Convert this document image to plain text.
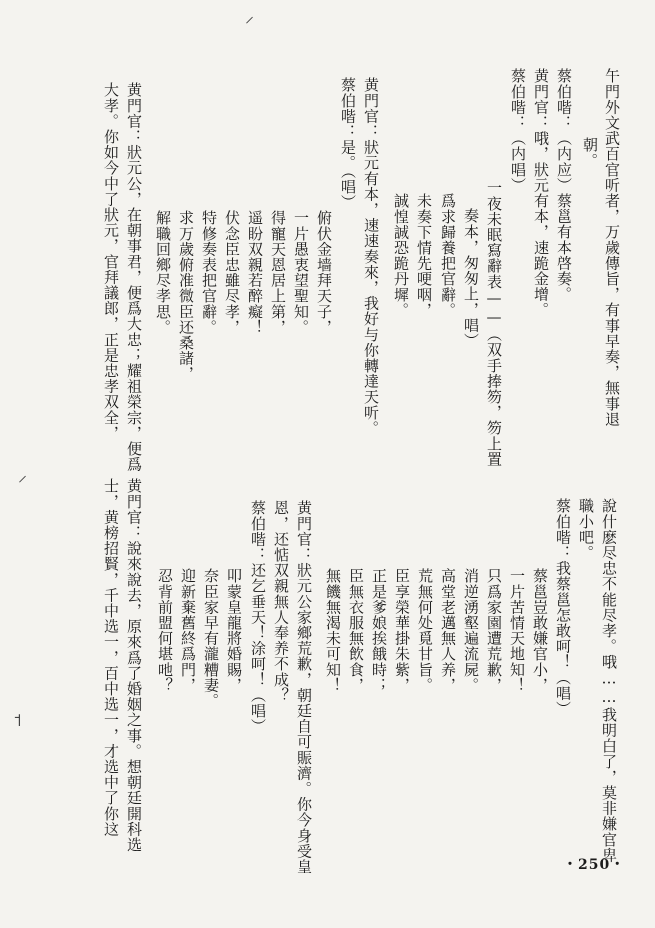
⸝
⸝
˦
午門外文武百官听者，万歲傳旨，有事早奏，無事退
朝。
蔡伯喈：（内应）蔡邕有本啓奏。
黄門官：哦，狀元有本，速跪金增。
蔡伯喈：（内唱）
一夜未眠寫辭表——（双手捧笏，笏上置
奏本，匆匆上，唱）
爲求歸養把官辭。
未奏下情先哽咽，
誠惶誠恐跪丹墀。
黄門官：狀元有本，速速奏來，我好与你轉達天听。
蔡伯喈：是。（唱）
俯伏金墙拜天子，
一片愚衷望聖知。
得寵天恩居上第，
遥盼双親若醉癡！
伏念臣忠雖尽孝，
特修奏表把官辭。
求万歲俯准微臣还桑諸，
解職回鄉尽孝思。
黄門官：狀元公，在朝事君，便爲大忠；耀祖榮宗，便爲
大孝。你如今中了狀元，官拜議郎，正是忠孝双全，
說什麽尽忠不能尽孝。哦……我明白了，莫非嫌官卑
職小吧。
蔡伯喈：我蔡邕怎敢呵！（唱）
蔡邕豈敢嫌官小，
一片苦情天地知！
只爲家園遭荒歉，
消逆湧壑遍流屍。
高堂老邁無人养，
荒無何处覓甘旨。
臣享榮華掛朱紫，
正是爹娘挨餓時；
臣無衣服無飲食，
無饑無渴未可知！
黄門官：狀元公家鄉荒歉，朝廷自可賑濟。你今身受皇
恩，还惦双親無人奉养不成？
蔡伯喈：还乞垂天！涂呵！（唱）
叩蒙皇龍將婚賜，
奈臣家早有瀧糟妻。
迎新棄舊終爲門，
忍背前盟何堪吔？
黄門官：說來說去，原來爲了婚姻之事。想朝廷開科选
士，黄榜招賢，千中选一，百中选一，才选中了你这
・250・
